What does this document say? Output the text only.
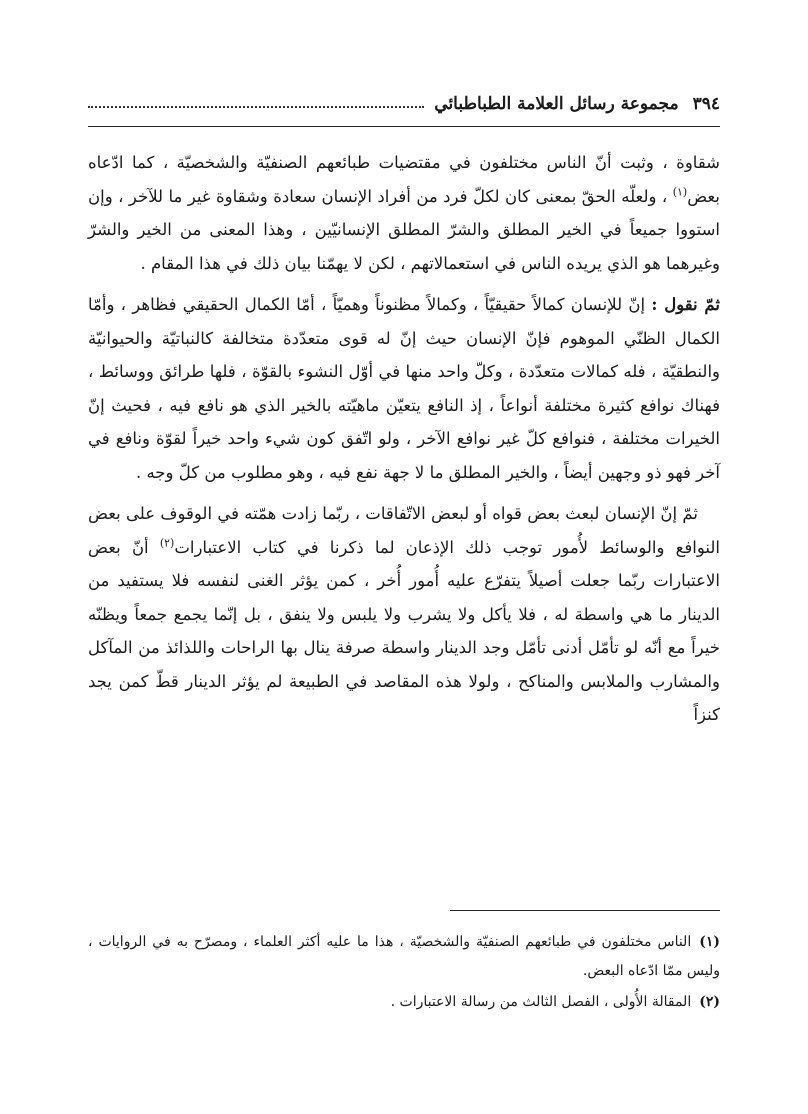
٣٩٤
مجموعة رسائل العلامة الطباطبائي

شقاوة ، وثبت أنّ الناس مختلفون في مقتضيات طبائعهم الصنفيّة والشخصيّة ، كما ادّعاه بعض$^{(١)}$ ، ولعلّه الحقّ بمعنى كان لكلّ فرد من أفراد الإنسان سعادة وشقاوة غير ما للآخر ، وإن استووا جميعاً في الخير المطلق والشرّ المطلق الإنسانيّين ، وهذا المعنى من الخير والشرّ وغيرهما هو الذي يريده الناس في استعمالاتهم ، لكن لا يهمّنا بيان ذلك في هذا المقام .

ثمّ نقول : إنّ للإنسان كمالاً حقيقيّاً ، وكمالاً مظنوناً وهميّاً ، أمّا الكمال الحقيقي فظاهر ، وأمّا الكمال الظنّي الموهوم فإنّ الإنسان حيث إنّ له قوى متعدّدة متخالفة كالنباتيّة والحيوانيّة والنطقيّة ، فله كمالات متعدّدة ، وكلّ واحد منها في أوّل النشوء بالقوّة ، فلها طرائق ووسائط ، فهناك نوافع كثيرة مختلفة أنواعاً ، إذ النافع يتعيّن ماهيّته بالخير الذي هو نافع فيه ، فحيث إنّ الخيرات مختلفة ، فنوافع كلّ غير نوافع الآخر ، ولو اتّفق كون شيء واحد خيراً لقوّة ونافع في آخر فهو ذو وجهين أيضاً ، والخير المطلق ما لا جهة نفع فيه ، وهو مطلوب من كلّ وجه .

ثمّ إنّ الإنسان لبعث بعض قواه أو لبعض الاتّفاقات ، ربّما زادت همّته في الوقوف على بعض النوافع والوسائط لأُمور توجب ذلك الإذعان لما ذكرنا في كتاب الاعتبارات$^{(٢)}$ أنّ بعض الاعتبارات ربّما جعلت أصيلاً يتفرّع عليه أُمور أُخر ، كمن يؤثر الغنى لنفسه فلا يستفيد من الدينار ما هي واسطة له ، فلا يأكل ولا يشرب ولا يلبس ولا ينفق ، بل إنّما يجمع جمعاً ويظنّه خيراً مع أنّه لو تأمّل أدنى تأمّل وجد الدينار واسطة صرفة ينال بها الراحات واللذائذ من المآكل والمشارب والملابس والمناكح ، ولولا هذه المقاصد في الطبيعة لم يؤثر الدينار قطّ كمن يجد كنزاً

(١)الناس مختلفون في طبائعهم الصنفيّة والشخصيّة ، هذا ما عليه أكثر العلماء ، ومصرّح به في الروايات ، وليس ممّا ادّعاه البعض.
(٢)المقالة الأُولى ، الفصل الثالث من رسالة الاعتبارات .
